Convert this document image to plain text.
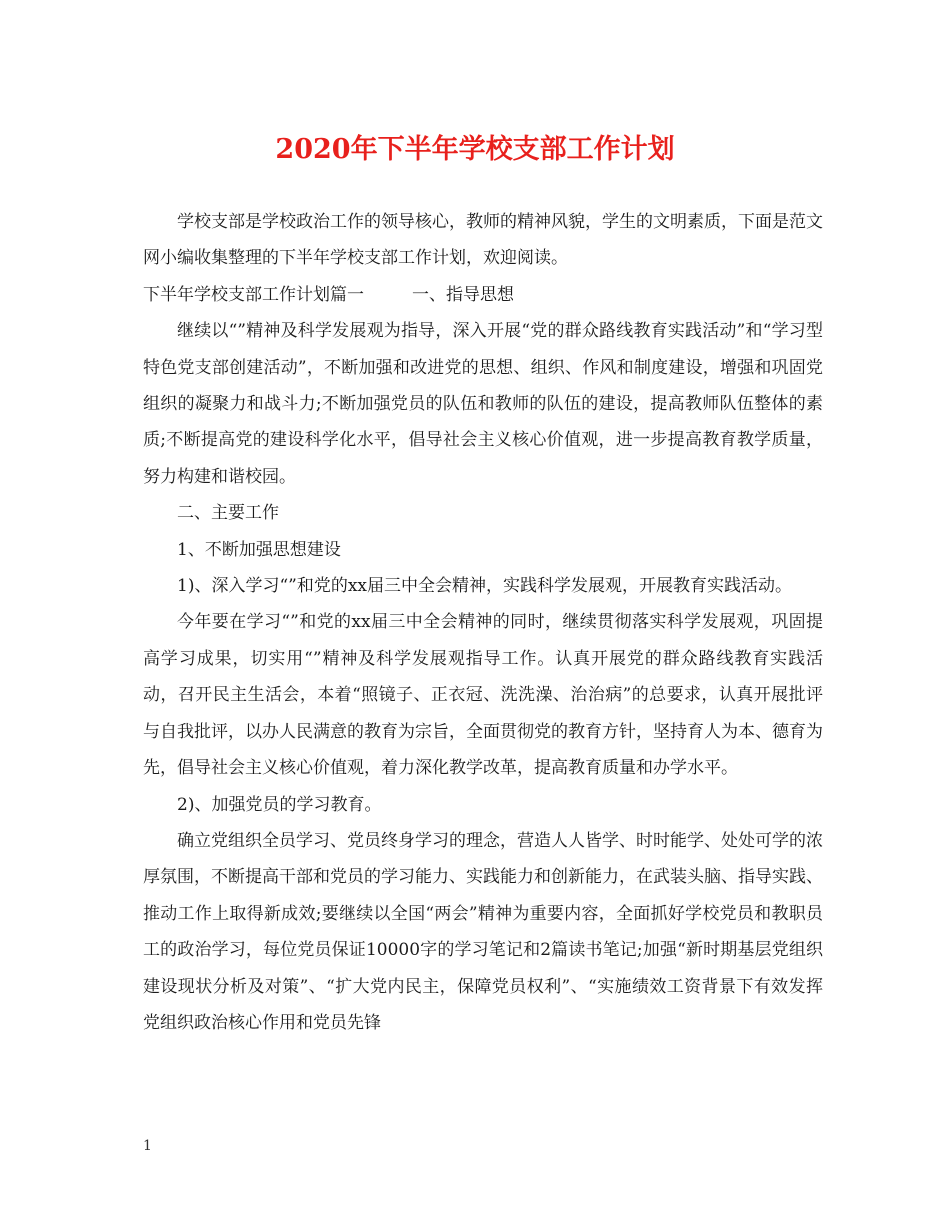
2020年下半年学校支部工作计划

学校支部是学校政治工作的领导核心，教师的精神风貌，学生的文明素质，下面是范文网小编收集整理的下半年学校支部工作计划，欢迎阅读。

下半年学校支部工作计划篇一	一、指导思想

继续以“”精神及科学发展观为指导，深入开展“党的群众路线教育实践活动”和“学习型特色党支部创建活动”，不断加强和改进党的思想、组织、作风和制度建设，增强和巩固党组织的凝聚力和战斗力;不断加强党员的队伍和教师的队伍的建设，提高教师队伍整体的素质;不断提高党的建设科学化水平，倡导社会主义核心价值观，进一步提高教育教学质量，努力构建和谐校园。

二、主要工作

1、不断加强思想建设

1)、深入学习“”和党的xx届三中全会精神，实践科学发展观，开展教育实践活动。

今年要在学习“”和党的xx届三中全会精神的同时，继续贯彻落实科学发展观，巩固提高学习成果，切实用“”精神及科学发展观指导工作。认真开展党的群众路线教育实践活动，召开民主生活会，本着“照镜子、正衣冠、洗洗澡、治治病”的总要求，认真开展批评与自我批评，以办人民满意的教育为宗旨，全面贯彻党的教育方针，坚持育人为本、德育为先，倡导社会主义核心价值观，着力深化教学改革，提高教育质量和办学水平。

2)、加强党员的学习教育。

确立党组织全员学习、党员终身学习的理念，营造人人皆学、时时能学、处处可学的浓厚氛围，不断提高干部和党员的学习能力、实践能力和创新能力，在武装头脑、指导实践、推动工作上取得新成效;要继续以全国“两会”精神为重要内容，全面抓好学校党员和教职员工的政治学习，每位党员保证10000字的学习笔记和2篇读书笔记;加强“新时期基层党组织建设现状分析及对策”、“扩大党内民主，保障党员权利”、“实施绩效工资背景下有效发挥党组织政治核心作用和党员先锋

1
